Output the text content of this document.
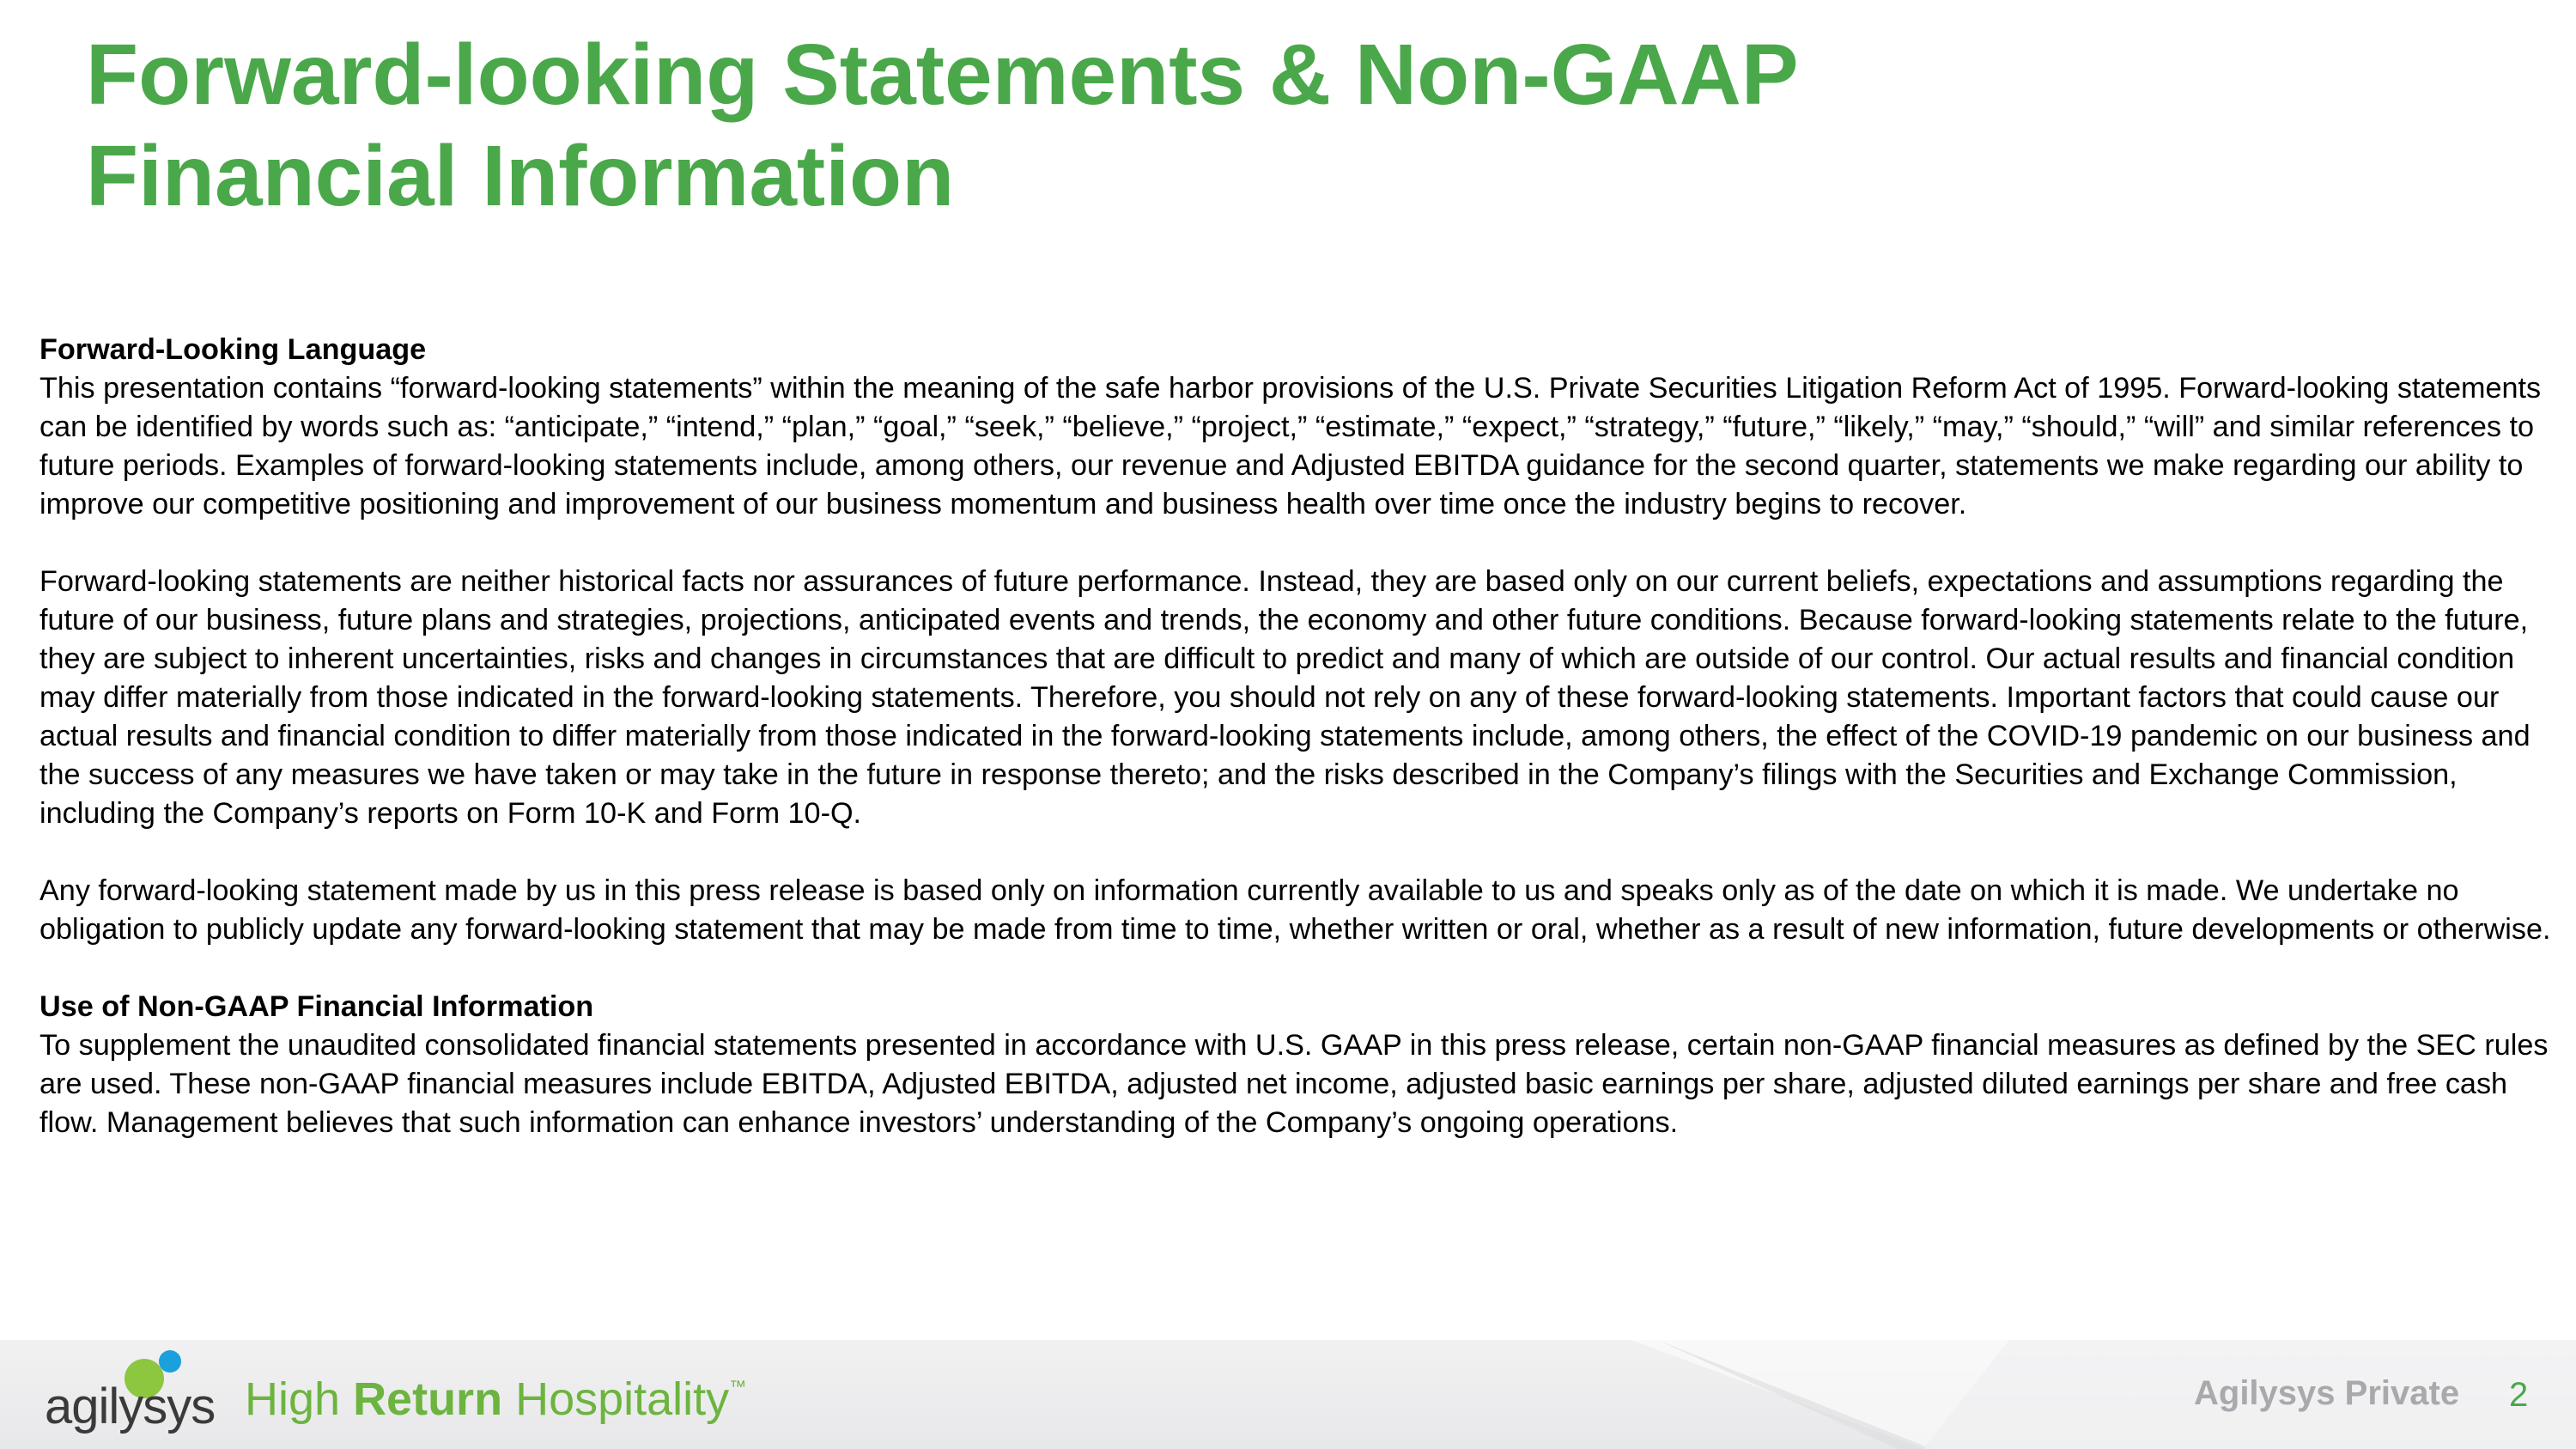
Forward-looking Statements & Non-GAAP
Financial Information

Forward-Looking Language
This presentation contains “forward-looking statements” within the meaning of the safe harbor provisions of the U.S. Private Securities Litigation Reform Act of 1995. Forward-looking statements can be identified by words such as: “anticipate,” “intend,” “plan,” “goal,” “seek,” “believe,” “project,” “estimate,” “expect,” “strategy,” “future,” “likely,” “may,” “should,” “will” and similar references to future periods. Examples of forward-looking statements include, among others, our revenue and Adjusted EBITDA guidance for the second quarter, statements we make regarding our ability to improve our competitive positioning and improvement of our business momentum and business health over time once the industry begins to recover.

Forward-looking statements are neither historical facts nor assurances of future performance. Instead, they are based only on our current beliefs, expectations and assumptions regarding the future of our business, future plans and strategies, projections, anticipated events and trends, the economy and other future conditions. Because forward-looking statements relate to the future, they are subject to inherent uncertainties, risks and changes in circumstances that are difficult to predict and many of which are outside of our control. Our actual results and financial condition may differ materially from those indicated in the forward-looking statements. Therefore, you should not rely on any of these forward-looking statements. Important factors that could cause our actual results and financial condition to differ materially from those indicated in the forward-looking statements include, among others, the effect of the COVID-19 pandemic on our business and the success of any measures we have taken or may take in the future in response thereto; and the risks described in the Company’s filings with the Securities and Exchange Commission, including the Company’s reports on Form 10-K and Form 10-Q.

Any forward-looking statement made by us in this press release is based only on information currently available to us and speaks only as of the date on which it is made. We undertake no obligation to publicly update any forward-looking statement that may be made from time to time, whether written or oral, whether as a result of new information, future developments or otherwise.

Use of Non-GAAP Financial Information
To supplement the unaudited consolidated financial statements presented in accordance with U.S. GAAP in this press release, certain non-GAAP financial measures as defined by the SEC rules are used. These non-GAAP financial measures include EBITDA, Adjusted EBITDA, adjusted net income, adjusted basic earnings per share, adjusted diluted earnings per share and free cash flow. Management believes that such information can enhance investors’ understanding of the Company’s ongoing operations.

agilysys High Return Hospitality™	Agilysys Private 2
